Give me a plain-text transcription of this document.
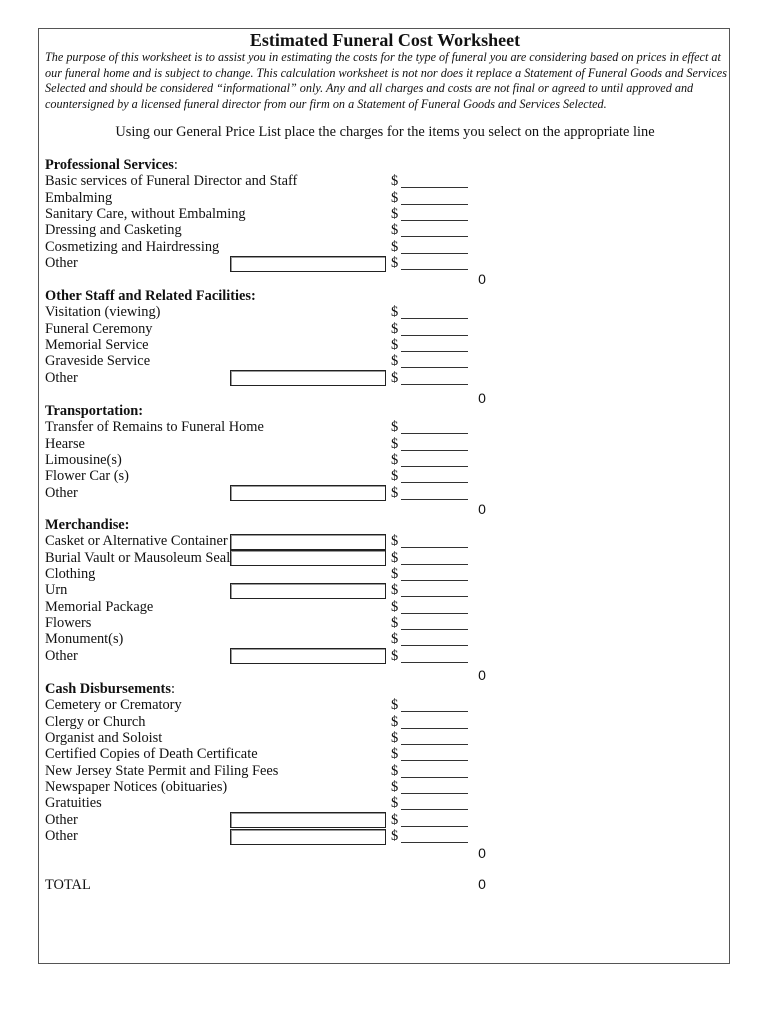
Estimated Funeral Cost Worksheet
The purpose of this worksheet is to assist you in estimating the costs for the type of funeral you are considering based on prices in effect at our funeral home and is subject to change. This calculation worksheet is not nor does it replace a Statement of Funeral Goods and Services Selected and should be considered “informational” only. Any and all charges and costs are not final or agreed to until approved and countersigned by a licensed funeral director from our firm on a Statement of Funeral Goods and Services Selected.
Using our General Price List place the charges for the items you select on the appropriate line
Professional Services:
Basic services of Funeral Director and Staff	$
Embalming	$
Sanitary Care, without Embalming	$
Dressing and Casketing	$
Cosmetizing and Hairdressing	$
Other	$
0
Other Staff and Related Facilities:
Visitation (viewing)	$
Funeral Ceremony	$
Memorial Service	$
Graveside Service	$
Other	$
0
Transportation:
Transfer of Remains to Funeral Home	$
Hearse	$
Limousine(s)	$
Flower Car (s)	$
Other	$
0
Merchandise:
Casket or Alternative Container	$
Burial Vault or Mausoleum Seal	$
Clothing	$
Urn	$
Memorial Package	$
Flowers	$
Monument(s)	$
Other	$
0
Cash Disbursements:
Cemetery or Crematory	$
Clergy or Church	$
Organist and Soloist	$
Certified Copies of Death Certificate	$
New Jersey State Permit and Filing Fees	$
Newspaper Notices (obituaries)	$
Gratuities	$
Other	$
Other	$
0
TOTAL	0
